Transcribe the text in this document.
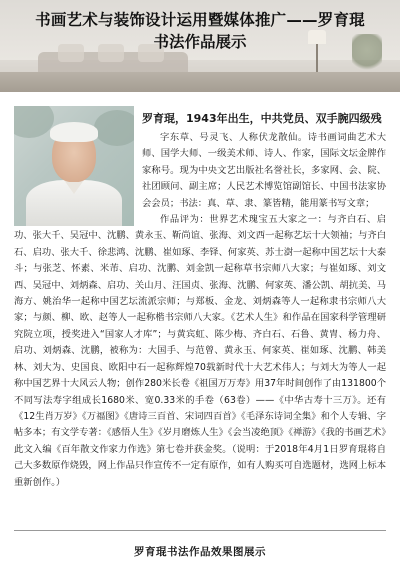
书画艺术与装饰设计运用暨媒体推广——罗育琨
书法作品展示
罗育琨，1943年出生，中共党员、双手腕四级残

字东草、号灵飞、人称伏龙散仙。诗书画词曲艺术大师、国学大师、一级美术师、诗人、作家，国际文坛金牌作家称号。现为中央文艺出版社名誉社长，多家网、会、院、社团顾问、副主席；人民艺术博览馆副馆长、中国书法家协会会员；书法：真、草、隶、篆皆精，能用篆书写文章；

作品评为：世界艺术瑰宝五大家之一：与齐白石、启功、张大千、吴冠中、沈鹏、黄永玉、靳尚谊、张海、刘文西一起称艺坛十大领袖；与齐白石、启功、张大千、徐悲鸿、沈鹏、崔如琢、李铎、何家英、苏士澍一起称中国艺坛十大泰斗；与张芝、怀素、米芾、启功、沈鹏、刘金凯一起称草书宗师八大家；与崔如琢、刘文西、吴冠中、刘炳森、启功、关山月、汪国贞、张海、沈鹏、何家英、潘公凯、胡抗美、马海方、姚治华一起称中国艺坛流派宗师；与郑板、金龙、刘炳森等人一起称隶书宗师八大家；与颜、柳、欧、赵等人一起称楷书宗师八大家。《艺术人生》和作品在国家科学管理研究院立项，授奖进入“国家人才库”；与黄宾虹、陈少梅、齐白石、石鲁、黄胄、杨力舟、启功、刘炳森、沈鹏，被称为：大国手、与范曾、黄永玉、何家英、崔如琢、沈鹏、韩美林、刘大为、史国良、欧阳中石一起称辉煌70载新时代十大艺术伟人；与刘大为等人一起称中国艺界十大风云人物；创作280米长卷《祖国万万寿》用37年时间创作了由131800个不同写法寿字组成长1680米、宽0.33米的手卷（63卷）——《中华古寿十三万》。还有《12生肖万岁》《万福图》《唐诗三百首、宋词四百首》《毛泽东诗词全集》和个人专辑、字帖多本；有文学专著：《感悟人生》《岁月磨炼人生》《会当凌绝顶》《禅游》《我的书画艺术》此文入编《百年散文作家力作选》第七卷并获金奖。（说明：于2018年4月1日罗育琨将自己大多数原作烧毁，网上作品只作宣传不一定有原作，如有人购买可自选题材，选网上标本重新创作。）

罗育琨书法作品效果图展示
